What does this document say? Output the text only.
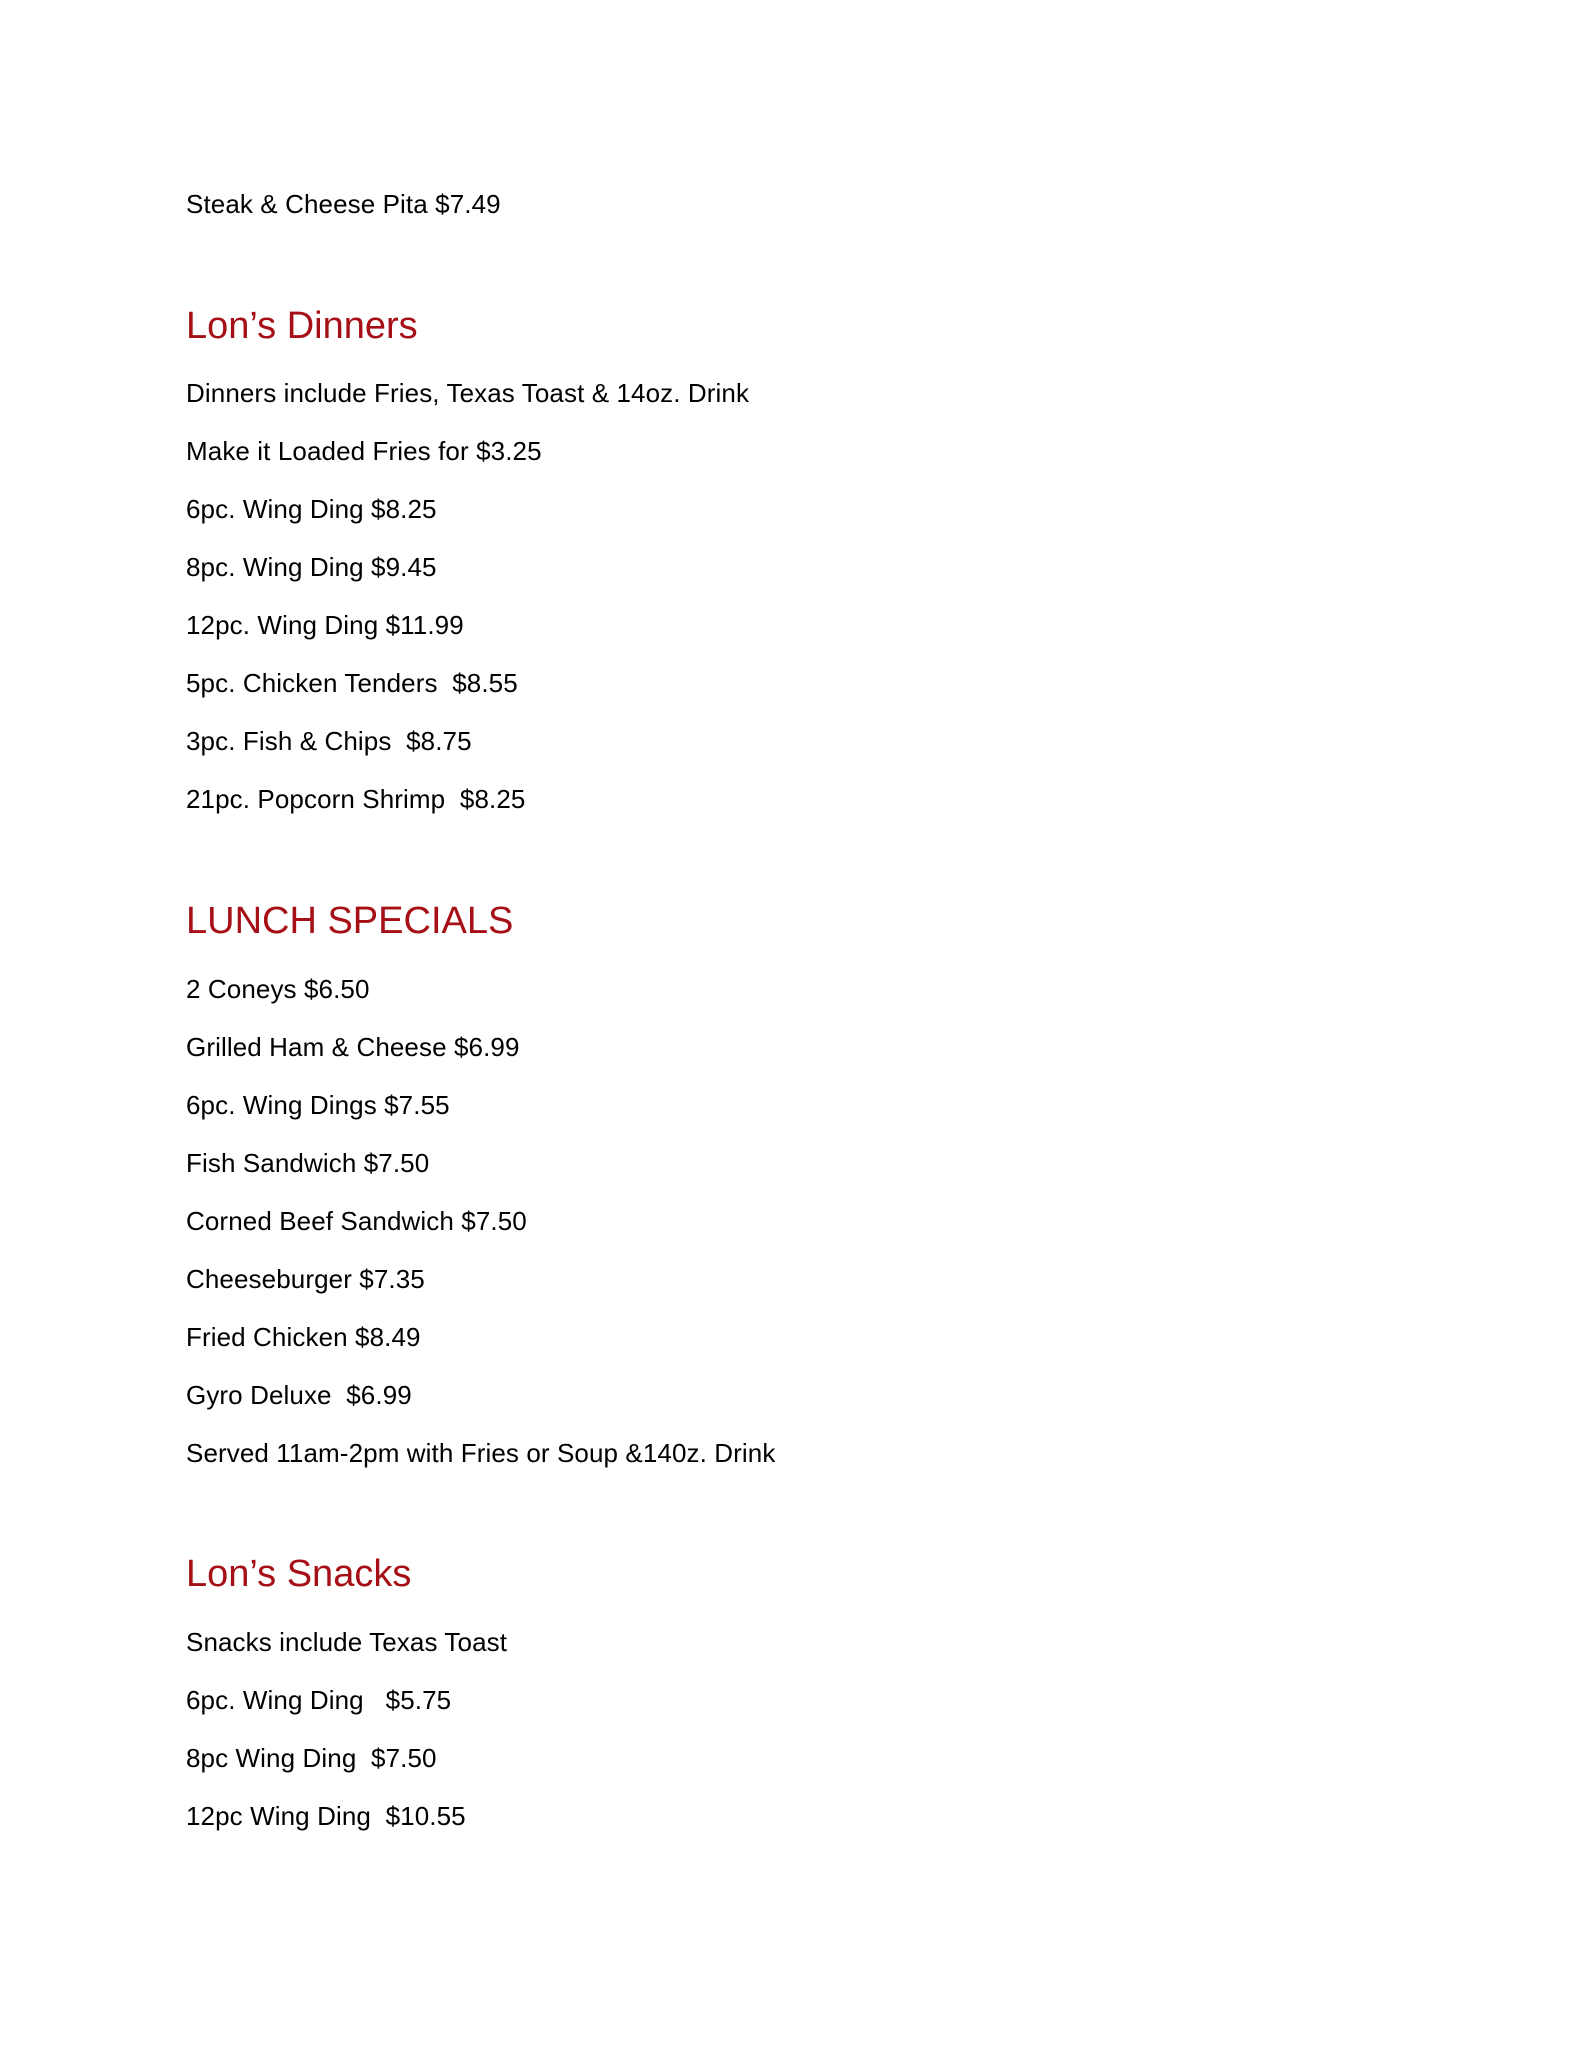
Steak & Cheese Pita $7.49
Lon’s Dinners
Dinners include Fries, Texas Toast & 14oz. Drink
Make it Loaded Fries for $3.25
6pc. Wing Ding $8.25
8pc. Wing Ding $9.45
12pc. Wing Ding $11.99
5pc. Chicken Tenders  $8.55
3pc. Fish & Chips  $8.75
21pc. Popcorn Shrimp  $8.25
LUNCH SPECIALS
2 Coneys $6.50
Grilled Ham & Cheese $6.99
6pc. Wing Dings $7.55
Fish Sandwich $7.50
Corned Beef Sandwich $7.50
Cheeseburger $7.35
Fried Chicken $8.49
Gyro Deluxe  $6.99
Served 11am-2pm with Fries or Soup &140z. Drink
Lon’s Snacks
Snacks include Texas Toast
6pc. Wing Ding   $5.75
8pc Wing Ding  $7.50
12pc Wing Ding  $10.55
